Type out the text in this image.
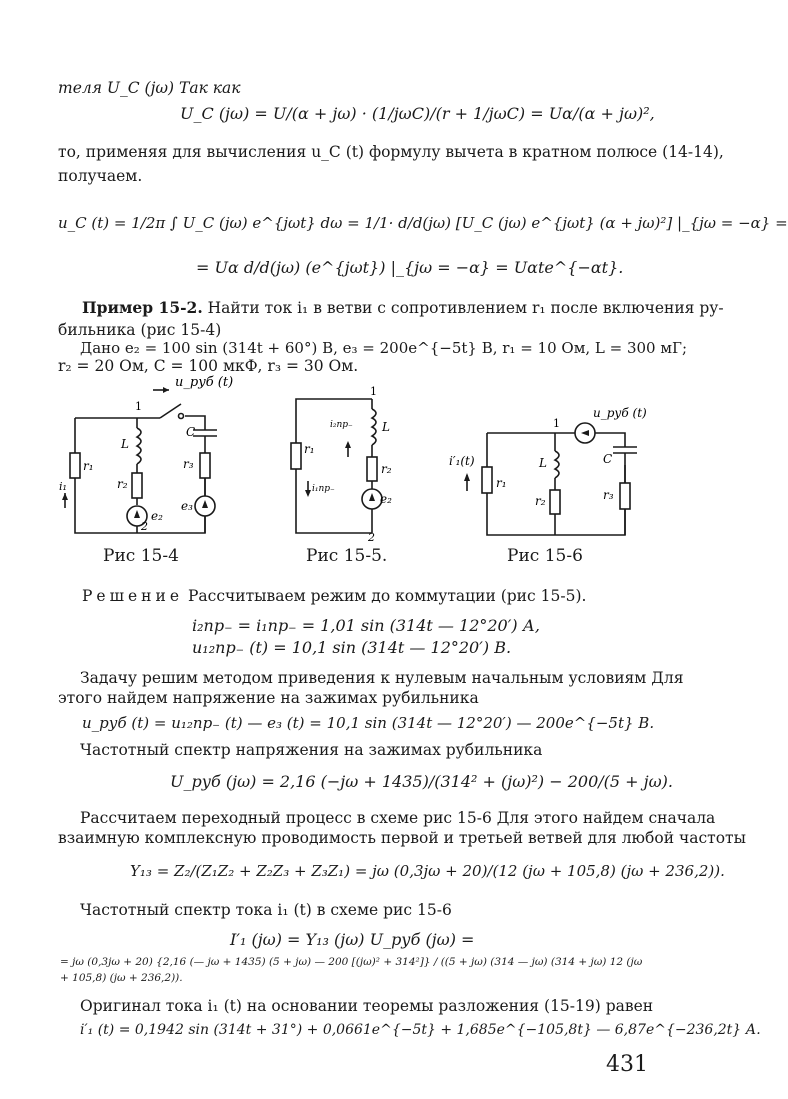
теля U_C (jω) Так как
U_C (jω) = U/(α + jω) · (1/jωC)/(r + 1/jωC) = Uα/(α + jω)²,
то, применяя для вычисления u_C (t) формулу вычета в кратном полюсе (14-14),
получаем.
u_C (t) = 1/2π ∫ U_C (jω) e^{jωt} dω = 1/1· d/d(jω) [U_C (jω) e^{jωt} (α + jω)²] |_{jω = −α} =
= Uα d/d(jω) (e^{jωt}) |_{jω = −α} = Uαte^{−αt}.
Пример 15-2. Найти ток i₁ в ветви с сопротивлением r₁ после включения ру-
бильника (рис 15-4)
Дано e₂ = 100 sin (314t + 60°) В, e₃ = 200e^{−5t} В, r₁ = 10 Ом, L = 300 мГ;
r₂ = 20 Ом, C = 100 мкФ, r₃ = 30 Ом.
u_руб (t)
1
2
L
C
r₁
r₂
r₃
e₂
e₃
i₁
1
2
L
r₁
r₂
e₂
i₂пр₋
i₁пр₋
u_руб (t)
1
i′₁(t)	L	C
r₁
r₂	r₃
Рис 15-4	Рис 15-5.	Рис 15-6
Решение Рассчитываем режим до коммутации (рис 15-5).
i₂пр₋ = i₁пр₋ = 1,01 sin (314t — 12°20′) А,
u₁₂пр₋ (t) = 10,1 sin (314t — 12°20′) В.
Задачу решим методом приведения к нулевым начальным условиям Для
этого найдем напряжение на зажимах рубильника
u_руб (t) = u₁₂пр₋ (t) — e₃ (t) = 10,1 sin (314t — 12°20′) — 200e^{−5t} В.
Частотный спектр напряжения на зажимах рубильника
U_руб (jω) = 2,16 (−jω + 1435)/(314² + (jω)²) − 200/(5 + jω).
Рассчитаем переходный процесс в схеме рис 15-6 Для этого найдем сначала
взаимную комплексную проводимость первой и третьей ветвей для любой частоты
Y₁₃ = Z₂/(Z₁Z₂ + Z₂Z₃ + Z₃Z₁) = jω (0,3jω + 20)/(12 (jω + 105,8) (jω + 236,2)).
Частотный спектр тока i₁ (t) в схеме рис 15-6
I′₁ (jω) = Y₁₃ (jω) U_руб (jω) =
= jω (0,3jω + 20) {2,16 (— jω + 1435) (5 + jω) — 200 [(jω)² + 314²]} / ((5 + jω) (314 — jω) (314 + jω) 12 (jω + 105,8) (jω + 236,2)).
Оригинал тока i₁ (t) на основании теоремы разложения (15-19) равен
i′₁ (t) = 0,1942 sin (314t + 31°) + 0,0661e^{−5t} + 1,685e^{−105,8t} — 6,87e^{−236,2t} А.
431
